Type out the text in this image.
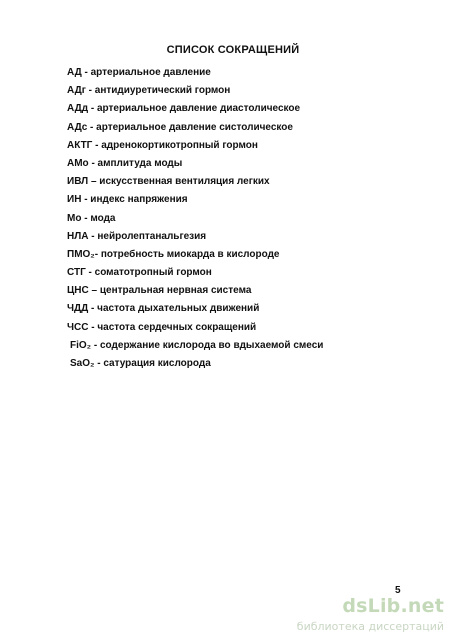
СПИСОК СОКРАЩЕНИЙ
АД - артериальное давление
АДг - антидиуретический гормон
АДд - артериальное давление диастолическое
АДс - артериальное давление систолическое
АКТГ - адренокортикотропный гормон
АМо - амплитуда моды
ИВЛ – искусственная вентиляция легких
ИН - индекс напряжения
Мо - мода
НЛА - нейролептанальгезия
ПМО₂- потребность миокарда в кислороде
СТГ - соматотропный гормон
ЦНС – центральная нервная система
ЧДД - частота дыхательных движений
ЧСС - частота сердечных сокращений
FiO₂ - содержание кислорода во вдыхаемой смеси
SaO₂ - сатурация кислорода
5
dsLib.net
библиотека диссертаций
